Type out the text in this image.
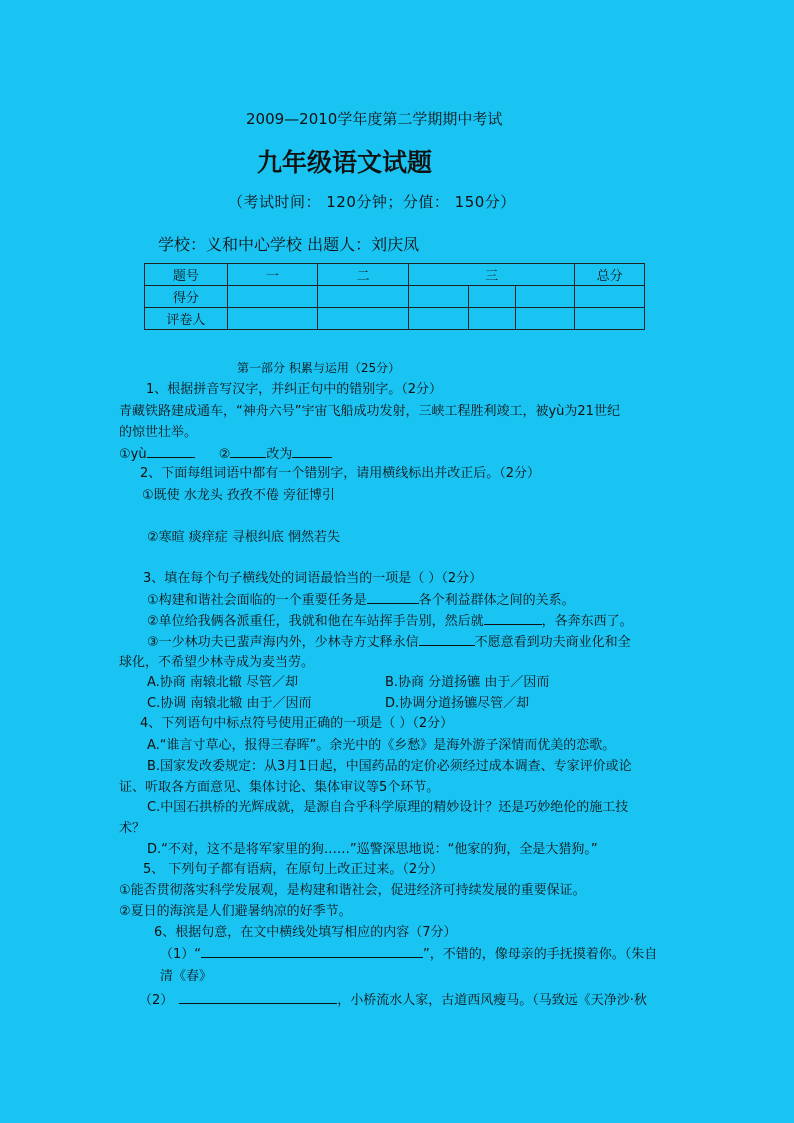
2009—2010学年度第二学期期中考试
九年级语文试题
（考试时间： 120分钟；分值： 150分）
学校：义和中心学校 出题人：刘庆凤
题号	一	二	三			总分
得分						
评卷人						
第一部分 积累与运用（25分）
1、根据拼音写汉字，并纠正句中的错别字。（2分）
青藏铁路建成通车，“神舟六号”宇宙飞船成功发射，三峡工程胜利竣工，被yù为21世纪
的惊世壮举。
①yù	②	改为
2、下面每组词语中都有一个错别字，请用横线标出并改正后。（2分）
①既使 水龙头 孜孜不倦 旁征博引
②寒暄 痰痒症 寻根纠底 惘然若失
3、填在每个句子横线处的词语最恰当的一项是（ ）（2分）
①构建和谐社会面临的一个重要任务是	各个利益群体之间的关系。
②单位给我俩各派重任，我就和他在车站挥手告别，然后就	，各奔东西了。
③一少林功夫已蜚声海内外，少林寺方丈释永信	不愿意看到功夫商业化和全
球化，不希望少林寺成为麦当劳。
A.协商 南辕北辙 尽管／却	B.协商 分道扬镳 由于／因而
C.协调 南辕北辙 由于／因而	D.协调分道扬镳尽管／却
4、下列语句中标点符号使用正确的一项是（ ）（2分）
A.“谁言寸草心，报得三春晖”。余光中的《乡愁》是海外游子深情而优美的恋歌。
B.国家发改委规定：从3月1日起，中国药品的定价必须经过成本调查、专家评价或论
证、听取各方面意见、集体讨论、集体审议等5个环节。
C.中国石拱桥的光辉成就，是源自合乎科学原理的精妙设计？还是巧妙绝伦的施工技
术？
D.“不对，这不是将军家里的狗……”巡警深思地说：“他家的狗，全是大猎狗。”
5、 下列句子都有语病，在原句上改正过来。（2分）
①能否贯彻落实科学发展观，是构建和谐社会，促进经济可持续发展的重要保证。
②夏日的海滨是人们避暑纳凉的好季节。
6、根据句意，在文中横线处填写相应的内容（7分）
（1）“	”，不错的，像母亲的手抚摸着你。（朱自
清《春》
（2）	，小桥流水人家，古道西风瘦马。（马致远《天净沙·秋
